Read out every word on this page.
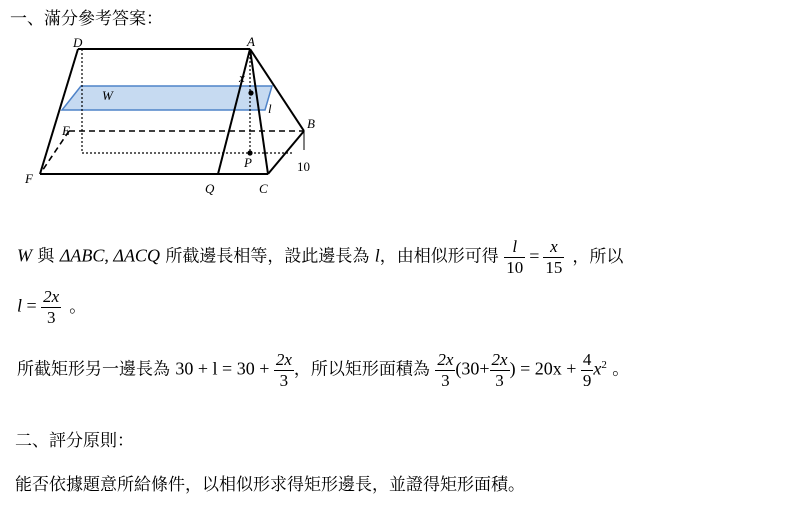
一、滿分參考答案：
D	A
x
W
l
E	B
P
F
Q	C
10
W 與 ΔABC, ΔACQ 所截邊長相等，設此邊長為 l，由相似形可得 $\frac{l}{10} = \frac{x}{15}$ ，所以
$l = \frac{2x}{3}$ 。
所截矩形另一邊長為 $30 + l = 30 + \frac{2x}{3}$ ，所以矩形面積為 $\frac{2x}{3} (30+ \frac{2x}{3}$ ) = $20x + \frac{4}{9} x^2$ 。
二、評分原則：
能否依據題意所給條件，以相似形求得矩形邊長，並證得矩形面積。
